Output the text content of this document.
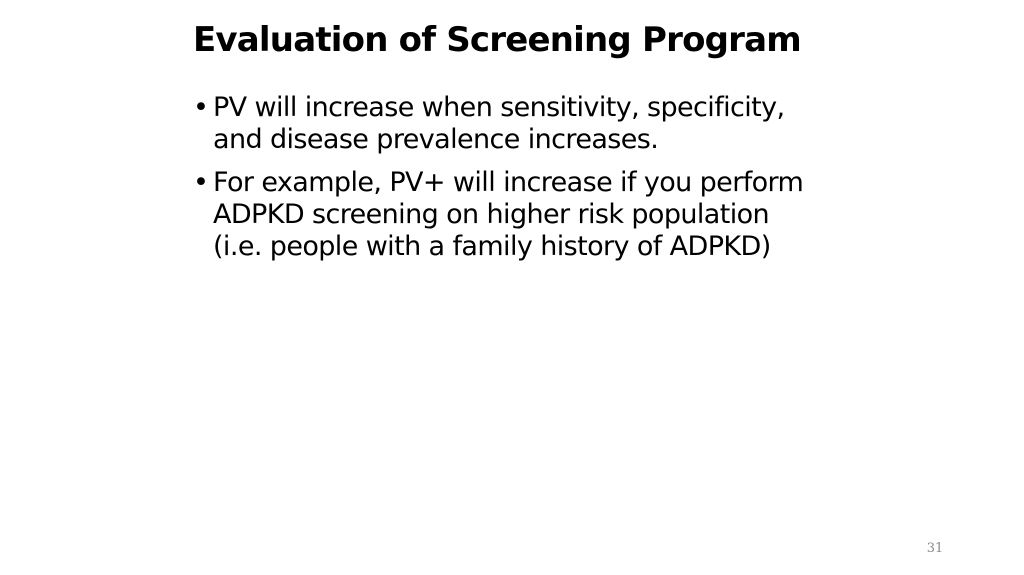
Evaluation of Screening Program
• PV will increase when sensitivity, specificity,
and disease prevalence increases.
• For example, PV+ will increase if you perform
ADPKD screening on higher risk population
(i.e. people with a family history of ADPKD)
31
